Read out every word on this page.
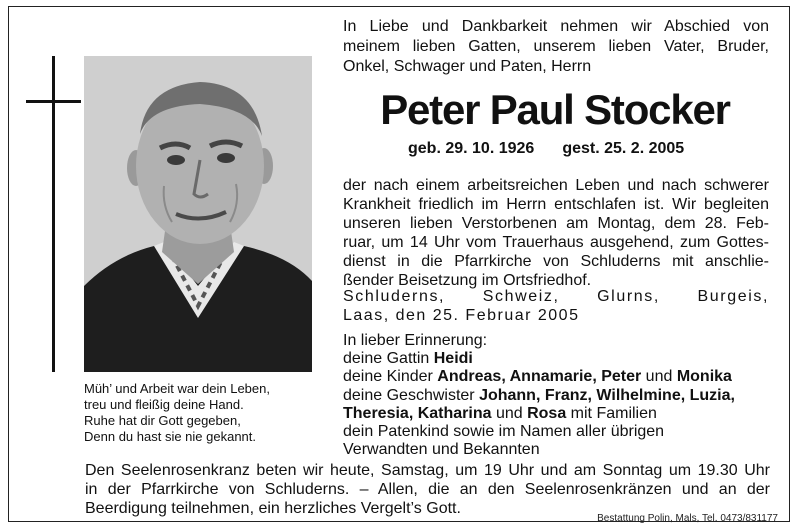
Müh’ und Arbeit war dein Leben,
treu und fleißig deine Hand.
Ruhe hat dir Gott gegeben,
Denn du hast sie nie gekannt.
In Liebe und Dankbarkeit nehmen wir Abschied von
meinem lieben Gatten, unserem lieben Vater, Bruder,
Onkel, Schwager und Paten, Herrn
Peter Paul Stocker
geb. 29. 10. 1926 gest. 25. 2. 2005
der nach einem arbeitsreichen Leben und nach schwerer
Krankheit friedlich im Herrn entschlafen ist. Wir begleiten
unseren lieben Verstorbenen am Montag, dem 28. Feb-
ruar, um 14 Uhr vom Trauerhaus ausgehend, zum Gottes-
dienst in die Pfarrkirche von Schluderns mit anschlie-
ßender Beisetzung im Ortsfriedhof.
Schluderns, Schweiz, Glurns, Burgeis,
Laas, den 25. Februar 2005
In lieber Erinnerung:
deine Gattin Heidi
deine Kinder Andreas, Annamarie, Peter und Monika
deine Geschwister Johann, Franz, Wilhelmine, Luzia,
Theresia, Katharina und Rosa mit Familien
dein Patenkind sowie im Namen aller übrigen
Verwandten und Bekannten
Den Seelenrosenkranz beten wir heute, Samstag, um 19 Uhr und am Sonntag um 19.30 Uhr
in der Pfarrkirche von Schluderns. – Allen, die an den Seelenrosenkränzen und an der
Beerdigung teilnehmen, ein herzliches Vergelt’s Gott.
Bestattung Polin, Mals, Tel. 0473/831177
